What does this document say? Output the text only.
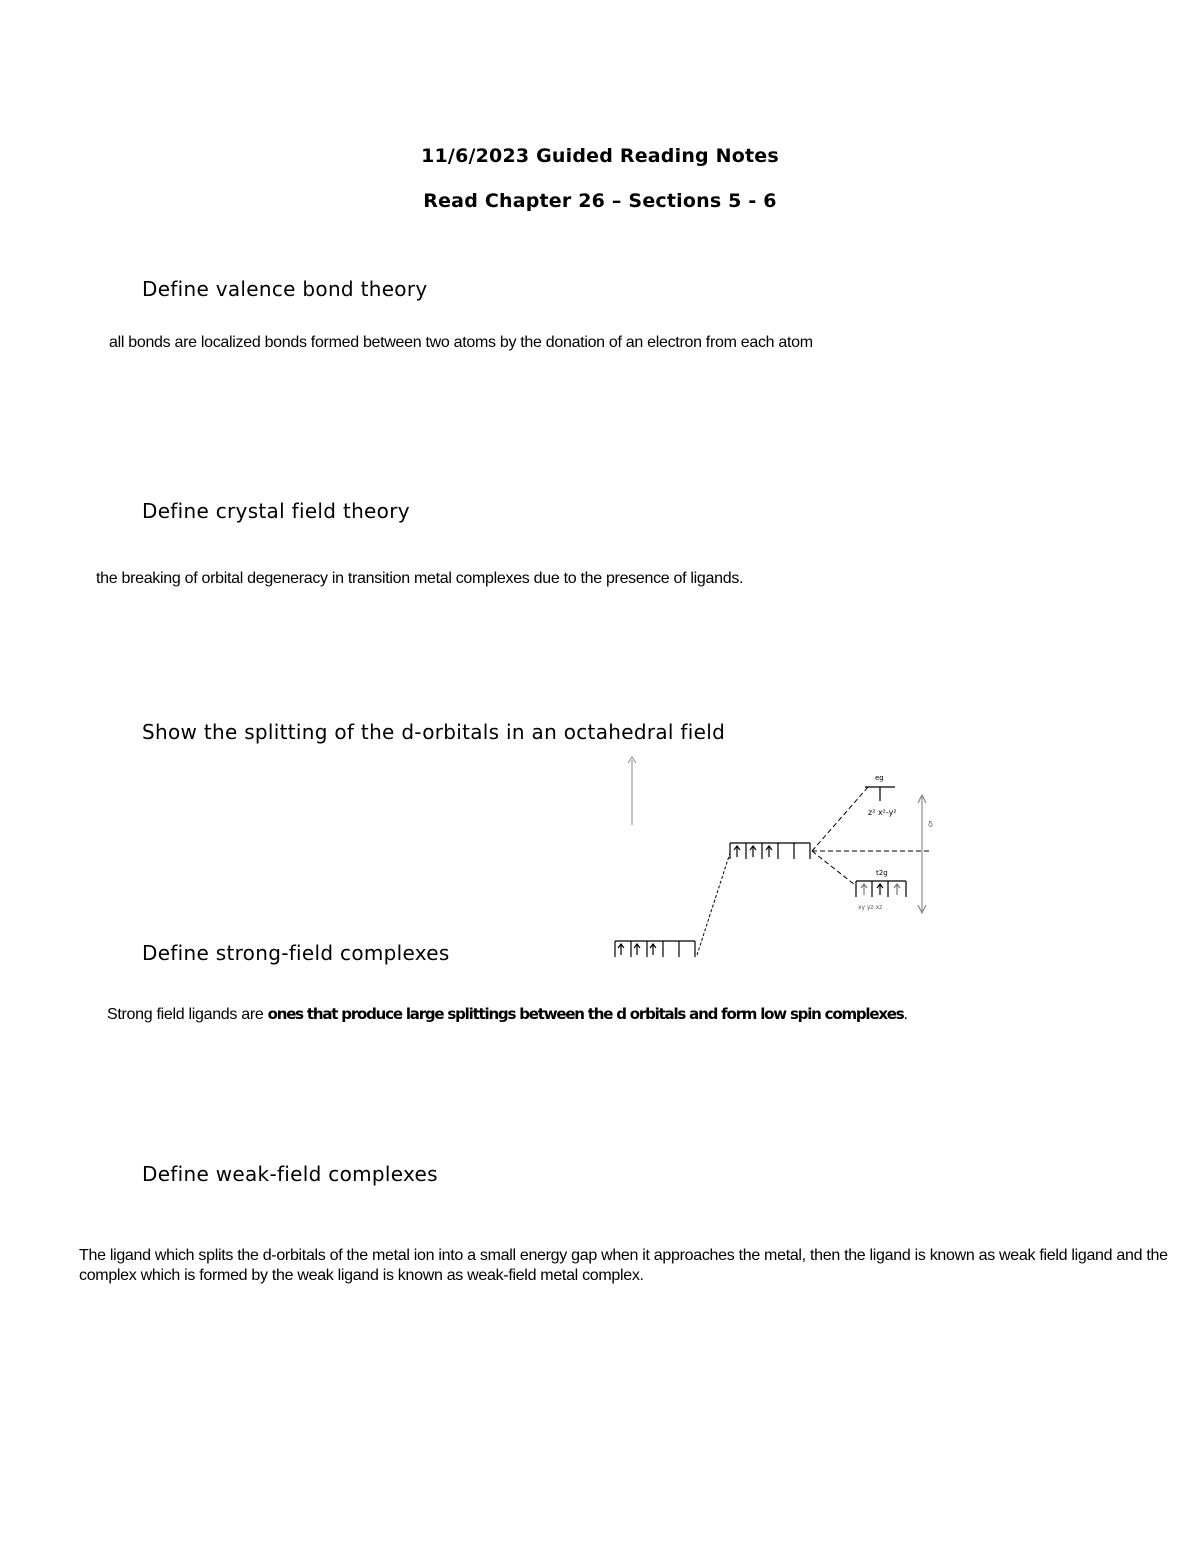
11/6/2023 Guided Reading Notes
Read Chapter 26 – Sections 5 - 6
Define valence bond theory
all bonds are localized bonds formed between two atoms by the donation of an electron from each atom
Define crystal field theory
the breaking of orbital degeneracy in transition metal complexes due to the presence of ligands.
Show the splitting of the d-orbitals in an octahedral field
eg
z² x²-y²
t2g
xy yz xz
δ
Define strong-field complexes
Strong field ligands are ones that produce large splittings between the d orbitals and form low spin complexes.
Define weak-field complexes
The ligand which splits the d-orbitals of the metal ion into a small energy gap when it approaches the metal, then the ligand is known as weak field ligand and the complex which is formed by the weak ligand is known as weak-field metal complex.
